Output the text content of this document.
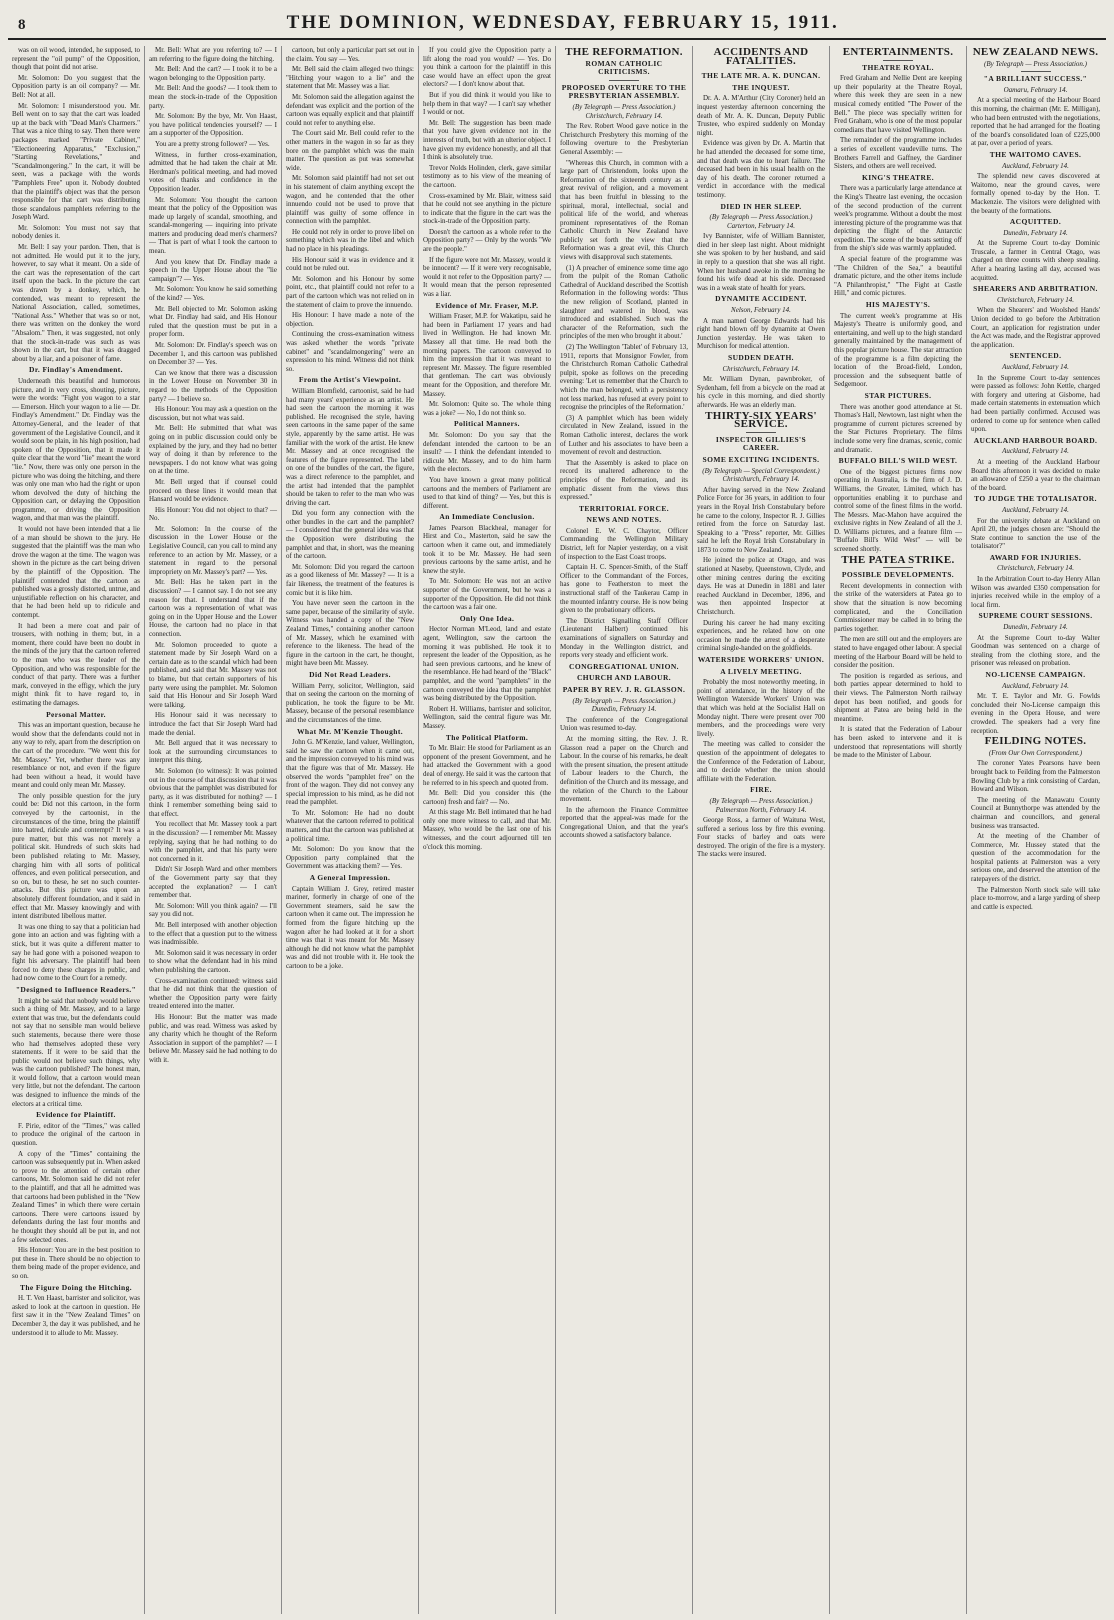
8	THE DOMINION, WEDNESDAY, FEBRUARY 15, 1911.

was on oil wood, intended, he supposed, to represent the "oil pump" of the Opposition, though that point did not arise.

Mr. Solomon: Do you suggest that the Opposition party is an oil company? — Mr. Bell: Not at all.

Mr. Solomon: I misunderstood you. Mr. Bell went on to say that the cart was loaded up at the back with "Dead Man's Charmers." That was a nice thing to say. Then there were packages marked "Private Cabinet," "Electioneering Apparatus," "Exclusion," "Starting Revelations," and "Scandalmongering." In the cart, it will be seen, was a package with the words "Pamphlets Free" upon it. Nobody doubted that the plaintiff's object was that the person responsible for that cart was distributing those scandalous pamphlets referring to the Joseph Ward.

Mr. Solomon: You must not say that nobody denies it.

Mr. Bell: I say your pardon. Then, that is not admitted. He would put it to the jury, however, to say what it meant. On a side of the cart was the representation of the cart itself upon the back. In the picture the cart was drawn by a donkey, which, he contended, was meant to represent the National Association, called, sometimes, "National Ass." Whether that was so or not, there was written on the donkey the word "Absalom." Then, it was suggested, not only that the stock-in-trade was such as was shown in the cart, but that it was dragged about by a liar, and a poisoner of fame.

Dr. Findlay's Amendment.

Underneath this beautiful and humorous picture, and in very cross, shouting, picture, were the words: "Fight you wagon to a star — Emerson. Hitch your wagon to a lie — Dr. Findlay's Amendment." Dr. Findlay was the Attorney-General, and the leader of that government of the Legislative Council, and it would soon be plain, in his high position, had spoken of the Opposition, that it made it quite clear that the word "lie" meant the word "lie." Now, there was only one person in the picture who was doing the hitching, and there was only one man who had the right or upon whom devolved the duty of hitching the Opposition cart, or delaying the Opposition programme, or driving the Opposition wagon, and that man was the plaintiff.

It would not have been intended that a lie of a man should be shown to the jury. He suggested that the plaintiff was the man who drove the wagon at the time. The wagon was shown in the picture as the cart being driven by the plaintiff of the Opposition. The plaintiff contended that the cartoon as published was a grossly distorted, untrue, and unjustifiable reflection on his character, and that he had been held up to ridicule and contempt.

It had been a mere coat and pair of trousers, with nothing in them; but, in a moment, there could have been no doubt in the minds of the jury that the cartoon referred to the man who was the leader of the Opposition, and who was responsible for the conduct of that party. There was a further mark, conveyed in the effigy, which the jury might think fit to have regard to, in estimating the damages.

Personal Matter.

This was an important question, because he would show that the defendants could not in any way to rely, apart from the description on the cart of the procedure. "We went this for Mr. Massey." Yet, whether there was any resemblance or not, and even if the figure had been without a head, it would have meant and could only mean Mr. Massey.

The only possible question for the jury could be: Did not this cartoon, in the form conveyed by the cartoonist, in the circumstances of the time, bring the plaintiff into hatred, ridicule and contempt? It was a pure matter, but this was not merely a political skit. Hundreds of such skits had been published relating to Mr. Massey, charging him with all sorts of political offences, and even political persecution, and so on, but to these, he set no such counter-attacks. But this picture was upon an absolutely different foundation, and it said in effect that Mr. Massey knowingly and with intent distributed libellous matter.

It was one thing to say that a politician had gone into an action and was fighting with a stick, but it was quite a different matter to say he had gone with a poisoned weapon to fight his adversary. The plaintiff had been forced to deny these charges in public, and had now come to the Court for a remedy.

"Designed to Influence Readers."

It might be said that nobody would believe such a thing of Mr. Massey, and to a large extent that was true, but the defendants could not say that no sensible man would believe such statements, because there were those who had themselves adopted these very statements. If it were to be said that the public would not believe such things, why was the cartoon published? The honest man, it would follow, that a cartoon would mean very little, but not the defendant. The cartoon was designed to influence the minds of the electors at a critical time.

Evidence for Plaintiff.

F. Pirie, editor of the "Times," was called to produce the original of the cartoon in question.

A copy of the "Times" containing the cartoon was subsequently put in. When asked to prove to the attention of certain other cartoons, Mr. Solomon said he did not refer to the plaintiff, and that all he admitted was that cartoons had been published in the "New Zealand Times" in which there were certain cartoons. There were cartoons issued by defendants during the last four months and he thought they should all be put in, and not a few selected ones.

His Honour: You are in the best position to put these in. There should be no objection to them being made of the proper evidence, and so on.

The Figure Doing the Hitching.

H. T. Ven Haast, barrister and solicitor, was asked to look at the cartoon in question. He first saw it in the "New Zealand Times" on December 3, the day it was published, and he understood it to allude to Mr. Massey.

Mr. Bell: What are you referring to? — I am referring to the figure doing the hitching.

Mr. Bell: And the cart? — I took it to be a wagon belonging to the Opposition party.

Mr. Bell: And the goods? — I took them to mean the stock-in-trade of the Opposition party.

Mr. Solomon: By the bye, Mr. Von Haast, you have political tendencies yourself? — I am a supporter of the Opposition.

You are a pretty strong follower? — Yes.

Witness, in further cross-examination, admitted that he had taken the chair at Mr. Herdman's political meeting, and had moved votes of thanks and confidence in the Opposition leader.

Mr. Solomon: You thought the cartoon meant that the policy of the Opposition was made up largely of scandal, smoothing, and scandal-mongering — inquiring into private matters and producing dead men's charmers? — That is part of what I took the cartoon to mean.

And you knew that Dr. Findlay made a speech in the Upper House about the "lie campaign"? — Yes.

Mr. Solomon: You know he said something of the kind? — Yes.

Mr. Bell objected to Mr. Solomon asking what Dr. Findlay had said, and His Honour ruled that the question must be put in a proper form.

Mr. Solomon: Dr. Findlay's speech was on December 1, and this cartoon was published on December 3? — Yes.

Can we know that there was a discussion in the Lower House on November 30 in regard to the methods of the Opposition party? — I believe so.

His Honour: You may ask a question on the discussion, but not what was said.

Mr. Bell: He submitted that what was going on in public discussion could only be explained by the jury, and they had no better way of doing it than by reference to the newspapers. I do not know what was going on at the time.

Mr. Bell urged that if counsel could proceed on these lines it would mean that Hansard would be evidence.

His Honour: You did not object to that? — No.

Mr. Solomon: In the course of the discussion in the Lower House or the Legislative Council, can you call to mind any reference to an action by Mr. Massey, or a statement in regard to the personal impropriety on Mr. Massey's part? — Yes.

Mr. Bell: Has he taken part in the discussion? — I cannot say. I do not see any reason for that. I understand that if the cartoon was a representation of what was going on in the Upper House and the Lower House, the cartoon had no place in that connection.

Mr. Solomon proceeded to quote a statement made by Sir Joseph Ward on a certain date as to the scandal which had been published, and said that Mr. Massey was not to blame, but that certain supporters of his party were using the pamphlet. Mr. Solomon said that His Honour and Sir Joseph Ward were talking.

His Honour said it was necessary to introduce the fact that Sir Joseph Ward had made the denial.

Mr. Bell argued that it was necessary to look at the surrounding circumstances to interpret this thing.

Mr. Solomon (to witness): It was pointed out in the course of that discussion that it was obvious that the pamphlet was distributed for party, as it was distributed for nothing? — I think I remember something being said to that effect.

You recollect that Mr. Massey took a part in the discussion? — I remember Mr. Massey replying, saying that he had nothing to do with the pamphlet, and that his party were not concerned in it.

Didn't Sir Joseph Ward and other members of the Government party say that they accepted the explanation? — I can't remember that.

Mr. Solomon: Will you think again? — I'll say you did not.

Mr. Bell interposed with another objection to the effect that a question put to the witness was inadmissible.

Mr. Solomon said it was necessary in order to show what the defendant had in his mind when publishing the cartoon.

Cross-examination continued: witness said that he did not think that the question of whether the Opposition party were fairly treated entered into the matter.

His Honour: But the matter was made public, and was read. Witness was asked by any charity which he thought of the Reform Association in support of the pamphlet? — I believe Mr. Massey said he had nothing to do with it.

cartoon, but only a particular part set out in the claim. You say — Yes.

Mr. Bell said the claim alleged two things: "Hitching your wagon to a lie" and the statement that Mr. Massey was a liar.

Mr. Solomon said the allegation against the defendant was explicit and the portion of the cartoon was equally explicit and that plaintiff could not refer to anything else.

The Court said Mr. Bell could refer to the other matters in the wagon in so far as they bore on the pamphlet which was the main matter. The question as put was somewhat wide.

Mr. Solomon said plaintiff had not set out in his statement of claim anything except the wagon, and he contended that the other innuendo could not be used to prove that plaintiff was guilty of some offence in connection with the pamphlet.

He could not rely in order to prove libel on something which was in the libel and which had no place in his pleadings.

His Honour said it was in evidence and it could not be ruled out.

Mr. Solomon and his Honour by some point, etc., that plaintiff could not refer to a part of the cartoon which was not relied on in the statement of claim to prove the innuendo.

His Honour: I have made a note of the objection.

Continuing the cross-examination witness was asked whether the words "private cabinet" and "scandalmongering" were an expression to his mind. Witness did not think so.

From the Artist's Viewpoint.

William Blomfield, cartoonist, said he had had many years' experience as an artist. He had seen the cartoon the morning it was published. He recognised the style, having seen cartoons in the same paper of the same style, apparently by the same artist. He was familiar with the work of the artist. He knew Mr. Massey and at once recognised the features of the figure represented. The label on one of the bundles of the cart, the figure, was a direct reference to the pamphlet, and the artist had intended that the pamphlet should be taken to refer to the man who was driving the cart.

Did you form any connection with the other bundles in the cart and the pamphlet? — I considered that the general idea was that the Opposition were distributing the pamphlet and that, in short, was the meaning of the cartoon.

Mr. Solomon: Did you regard the cartoon as a good likeness of Mr. Massey? — It is a fair likeness, the treatment of the features is comic but it is like him.

You have never seen the cartoon in the same paper, because of the similarity of style. Witness was handed a copy of the "New Zealand Times," containing another cartoon of Mr. Massey, which he examined with reference to the likeness. The head of the figure in the cartoon in the cart, he thought, might have been Mr. Massey.

Did Not Read Leaders.

William Perry, solicitor, Wellington, said that on seeing the cartoon on the morning of publication, he took the figure to be Mr. Massey, because of the personal resemblance and the circumstances of the time.

What Mr. M'Kenzie Thought.

John G. M'Kenzie, land valuer, Wellington, said he saw the cartoon when it came out, and the impression conveyed to his mind was that the figure was that of Mr. Massey. He observed the words "pamphlet free" on the front of the wagon. They did not convey any special impression to his mind, as he did not read the pamphlet.

To Mr. Solomon: He had no doubt whatever that the cartoon referred to political matters, and that the cartoon was published at a political time.

Mr. Solomon: Do you know that the Opposition party complained that the Government was attacking them? — Yes.

A General Impression.

Captain William J. Grey, retired master mariner, formerly in charge of one of the Government steamers, said he saw the cartoon when it came out. The impression he formed from the figure hitching up the wagon after he had looked at it for a short time was that it was meant for Mr. Massey although he did not know what the pamphlet was and did not trouble with it. He took the cartoon to be a joke.

If you could give the Opposition party a lift along the road you would? — Yes. Do you think a cartoon for the plaintiff in this case would have an effect upon the great electors? — I don't know about that.

But if you did think it would you like to help them in that way? — I can't say whether I would or not.

Mr. Bell: The suggestion has been made that you have given evidence not in the interests of truth, but with an ulterior object. I have given my evidence honestly, and all that I think is absolutely true.

Trevor Nolds Holinden, clerk, gave similar testimony as to his view of the meaning of the cartoon.

Cross-examined by Mr. Blair, witness said that he could not see anything in the picture to indicate that the figure in the cart was the stock-in-trade of the Opposition party.

Doesn't the cartoon as a whole refer to the Opposition party? — Only by the words "We are the people."

If the figure were not Mr. Massey, would it be innocent? — If it were very recognisable, would it not refer to the Opposition party? — It would mean that the person represented was a liar.

Evidence of Mr. Fraser, M.P.

William Fraser, M.P. for Wakatipu, said he had been in Parliament 17 years and had lived in Wellington. He had known Mr. Massey all that time. He read both the morning papers. The cartoon conveyed to him the impression that it was meant to represent Mr. Massey. The figure resembled that gentleman. The cart was obviously meant for the Opposition, and therefore Mr. Massey.

Mr. Solomon: Quite so. The whole thing was a joke? — No, I do not think so.

Political Manners.

Mr. Solomon: Do you say that the defendant intended the cartoon to be an insult? — I think the defendant intended to ridicule Mr. Massey, and to do him harm with the electors.

You have known a great many political cartoons and the members of Parliament are used to that kind of thing? — Yes, but this is different.

An Immediate Conclusion.

James Pearson Blackheal, manager for Hirst and Co., Masterton, said he saw the cartoon when it came out, and immediately took it to be Mr. Massey. He had seen previous cartoons by the same artist, and he knew the style.

To Mr. Solomon: He was not an active supporter of the Government, but he was a supporter of the Opposition. He did not think the cartoon was a fair one.

Only One Idea.

Hector Norman M'Leod, land and estate agent, Wellington, saw the cartoon the morning it was published. He took it to represent the leader of the Opposition, as he had seen previous cartoons, and he knew of the resemblance. He had heard of the "Black" pamphlet, and the word "pamphlets" in the cartoon conveyed the idea that the pamphlet was being distributed by the Opposition.

Robert H. Williams, barrister and solicitor, Wellington, said the central figure was Mr. Massey.

The Political Platform.

To Mr. Blair: He stood for Parliament as an opponent of the present Government, and he had attacked the Government with a good deal of energy. He said it was the cartoon that he referred to in his speech and quoted from.

Mr. Bell: Did you consider this (the cartoon) fresh and fair? — No.

At this stage Mr. Bell intimated that he had only one more witness to call, and that Mr. Massey, who would be the last one of his witnesses, and the court adjourned till ten o'clock this morning.

THE REFORMATION.
ROMAN CATHOLIC CRITICISMS.
PROPOSED OVERTURE TO THE PRESBYTERIAN ASSEMBLY.
(By Telegraph — Press Association.) Christchurch, February 14.

The Rev. Robert Wood gave notice in the Christchurch Presbytery this morning of the following overture to the Presbyterian General Assembly: —

"Whereas this Church, in common with a large part of Christendom, looks upon the Reformation of the sixteenth century as a great revival of religion, and a movement that has been fruitful in blessing to the spiritual, moral, intellectual, social and political life of the world, and whereas prominent representatives of the Roman Catholic Church in New Zealand have publicly set forth the view that the Reformation was a great evil, this Church views with disapproval such statements.

(1) A preacher of eminence some time ago from the pulpit of the Roman Catholic Cathedral of Auckland described the Scottish Reformation in the following words: 'Thus the new religion of Scotland, planted in slaughter and watered in blood, was introduced and established. Such was the character of the Reformation, such the principles of the men who brought it about.'

(2) The Wellington 'Tablet' of February 13, 1911, reports that Monsignor Fowler, from the Christchurch Roman Catholic Cathedral pulpit, spoke as follows on the preceding evening: 'Let us remember that the Church to which the man belonged, with a persistency not less marked, has refused at every point to recognise the principles of the Reformation.'

(3) A pamphlet which has been widely circulated in New Zealand, issued in the Roman Catholic interest, declares the work of Luther and his associates to have been a movement of revolt and destruction.

That the Assembly is asked to place on record its unaltered adherence to the principles of the Reformation, and its emphatic dissent from the views thus expressed."

TERRITORIAL FORCE.
NEWS AND NOTES.

Colonel E. W. C. Chaytor, Officer Commanding the Wellington Military District, left for Napier yesterday, on a visit of inspection to the East Coast troops.

Captain H. C. Spencer-Smith, of the Staff Officer to the Commandant of the Forces, has gone to Featherston to meet the instructional staff of the Taukerau Camp in the mounted infantry course. He is now being given to the probationary officers.

The District Signalling Staff Officer (Lieutenant Halbert) continued his examinations of signallers on Saturday and Monday in the Wellington district, and reports very steady and efficient work.

CONGREGATIONAL UNION.
CHURCH AND LABOUR.
PAPER BY REV. J. R. GLASSON.
(By Telegraph — Press Association.) Dunedin, February 14.

The conference of the Congregational Union was resumed to-day.

At the morning sitting, the Rev. J. R. Glasson read a paper on the Church and Labour. In the course of his remarks, he dealt with the present situation, the present attitude of Labour leaders to the Church, the definition of the Church and its message, and the relation of the Church to the Labour movement.

In the afternoon the Finance Committee reported that the appeal-was made for the Congregational Union, and that the year's accounts showed a satisfactory balance.

ACCIDENTS AND FATALITIES.
THE LATE MR. A. K. DUNCAN.
THE INQUEST.

Dr. A. A. M'Arthur (City Coroner) held an inquest yesterday afternoon concerning the death of Mr. A. K. Duncan, Deputy Public Trustee, who expired suddenly on Monday night.

Evidence was given by Dr. A. Martin that he had attended the deceased for some time, and that death was due to heart failure. The deceased had been in his usual health on the day of his death. The coroner returned a verdict in accordance with the medical testimony.

DIED IN HER SLEEP.
(By Telegraph — Press Association.) Carterton, February 14.

Ivy Bannister, wife of William Bannister, died in her sleep last night. About midnight she was spoken to by her husband, and said in reply to a question that she was all right. When her husband awoke in the morning he found his wife dead at his side. Deceased was in a weak state of health for years.

DYNAMITE ACCIDENT.
Nelson, February 14.

A man named George Edwards had his right hand blown off by dynamite at Owen Junction yesterday. He was taken to Murchison for medical attention.

SUDDEN DEATH.
Christchurch, February 14.

Mr. William Dynan, pawnbroker, of Sydenham, fell from a bicycle on the road at his cycle in this morning, and died shortly afterwards. He was an elderly man.

THIRTY-SIX YEARS' SERVICE.
INSPECTOR GILLIES'S CAREER.
SOME EXCITING INCIDENTS.
(By Telegraph — Special Correspondent.) Christchurch, February 14.

After having served in the New Zealand Police Force for 36 years, in addition to four years in the Royal Irish Constabulary before he came to the colony, Inspector R. J. Gillies retired from the force on Saturday last. Speaking to a "Press" reporter, Mr. Gillies said he left the Royal Irish Constabulary in 1873 to come to New Zealand.

He joined the police at Otago, and was stationed at Naseby, Queenstown, Clyde, and other mining centres during the exciting days. He was at Dunedin in 1881 and later reached Auckland in December, 1896, and was then appointed Inspector at Christchurch.

During his career he had many exciting experiences, and he related how on one occasion he made the arrest of a desperate criminal single-handed on the goldfields.

WATERSIDE WORKERS' UNION.
A LIVELY MEETING.

Probably the most noteworthy meeting, in point of attendance, in the history of the Wellington Waterside Workers' Union was that which was held at the Socialist Hall on Monday night. There were present over 700 members, and the proceedings were very lively.

The meeting was called to consider the question of the appointment of delegates to the Conference of the Federation of Labour, and to decide whether the union should affiliate with the Federation.

FIRE.
(By Telegraph — Press Association.) Palmerston North, February 14.

George Ross, a farmer of Waituna West, suffered a serious loss by fire this evening. Four stacks of barley and oats were destroyed. The origin of the fire is a mystery. The stacks were insured.

ENTERTAINMENTS.
THEATRE ROYAL.

Fred Graham and Nellie Dent are keeping up their popularity at the Theatre Royal, where this week they are seen in a new musical comedy entitled "The Power of the Bell." The piece was specially written for Fred Graham, who is one of the most popular comedians that have visited Wellington.

The remainder of the programme includes a series of excellent vaudeville turns. The Brothers Farrell and Gaffney, the Gardiner Sisters, and others are well received.

KING'S THEATRE.

There was a particularly large attendance at the King's Theatre last evening, the occasion of the second production of the current week's programme. Without a doubt the most interesting picture of the programme was that depicting the flight of the Antarctic expedition. The scene of the boats setting off from the ship's side was warmly applauded.

A special feature of the programme was "The Children of the Sea," a beautiful dramatic picture, and the other items include "A Philanthropist," "The Fight at Castle Hill," and comic pictures.

HIS MAJESTY'S.

The current week's programme at His Majesty's Theatre is uniformly good, and entertaining, and well up to the high standard generally maintained by the management of this popular picture house. The star attraction of the programme is a film depicting the location of the Broad-field, London, procession and the subsequent battle of Sedgemoor.

STAR PICTURES.

There was another good attendance at St. Thomas's Hall, Newtown, last night when the programme of current pictures screened by the Star Pictures Proprietary. The films include some very fine dramas, scenic, comic and dramatic.

BUFFALO BILL'S WILD WEST.

One of the biggest pictures firms now operating in Australia, is the firm of J. D. Williams, the Greater, Limited, which has opportunities enabling it to purchase and control some of the finest films in the world. The Messrs. Mac-Mahon have acquired the exclusive rights in New Zealand of all the J. D. Williams pictures, and a feature film — "Buffalo Bill's Wild West" — will be screened shortly.

THE PATEA STRIKE.
POSSIBLE DEVELOPMENTS.

Recent developments in connection with the strike of the watersiders at Patea go to show that the situation is now becoming complicated, and the Conciliation Commissioner may be called in to bring the parties together.

The men are still out and the employers are stated to have engaged other labour. A special meeting of the Harbour Board will be held to consider the position.

The position is regarded as serious, and both parties appear determined to hold to their views. The Palmerston North railway depot has been notified, and goods for shipment at Patea are being held in the meantime.

It is stated that the Federation of Labour has been asked to intervene and it is understood that representations will shortly be made to the Minister of Labour.

NEW ZEALAND NEWS.
(By Telegraph — Press Association.)
"A BRILLIANT SUCCESS."
Oamaru, February 14.

At a special meeting of the Harbour Board this morning, the chairman (Mr. E. Milligan), who had been entrusted with the negotiations, reported that he had arranged for the floating of the board's consolidated loan of £225,000 at par, over a period of years.

THE WAITOMO CAVES.
Auckland, February 14.

The splendid new caves discovered at Waitomo, near the ground caves, were formally opened to-day by the Hon. T. Mackenzie. The visitors were delighted with the beauty of the formations.

ACQUITTED.
Dunedin, February 14.

At the Supreme Court to-day Dominic Truscale, a farmer in Central Otago, was charged on three counts with sheep stealing. After a hearing lasting all day, accused was acquitted.

SHEARERS AND ARBITRATION.
Christchurch, February 14.

When the Shearers' and Woolshed Hands' Union decided to go before the Arbitration Court, an application for registration under the Act was made, and the Registrar approved the application.

SENTENCED.
Auckland, February 14.

In the Supreme Court to-day sentences were passed as follows: John Kettle, charged with forgery and uttering at Gisborne, had made certain statements in extenuation which had been partially confirmed. Accused was ordered to come up for sentence when called upon.

AUCKLAND HARBOUR BOARD.
Auckland, February 14.

At a meeting of the Auckland Harbour Board this afternoon it was decided to make an allowance of £250 a year to the chairman of the board.

TO JUDGE THE TOTALISATOR.
Auckland, February 14.

For the university debate at Auckland on April 20, the judges chosen are: "Should the State continue to sanction the use of the totalisator?"

AWARD FOR INJURIES.
Christchurch, February 14.

In the Arbitration Court to-day Henry Allan Wilson was awarded £350 compensation for injuries received while in the employ of a local firm.

SUPREME COURT SESSIONS.
Dunedin, February 14.

At the Supreme Court to-day Walter Goodman was sentenced on a charge of stealing from the clothing store, and the prisoner was released on probation.

NO-LICENSE CAMPAIGN.
Auckland, February 14.

Mr. T. E. Taylor and Mr. G. Fowlds concluded their No-License campaign this evening in the Opera House, and were crowded. The speakers had a very fine reception.

FEILDING NOTES.
(From Our Own Correspondent.)

The coroner Yates Pearsons have been brought back to Feilding from the Palmerston Bowling Club by a rink consisting of Cardan, Howard and Wilson.

The meeting of the Manawatu County Council at Bunnythorpe was attended by the chairman and councillors, and general business was transacted.

At the meeting of the Chamber of Commerce, Mr. Hussey stated that the question of the accommodation for the hospital patients at Palmerston was a very serious one, and deserved the attention of the ratepayers of the district.

The Palmerston North stock sale will take place to-morrow, and a large yarding of sheep and cattle is expected.
